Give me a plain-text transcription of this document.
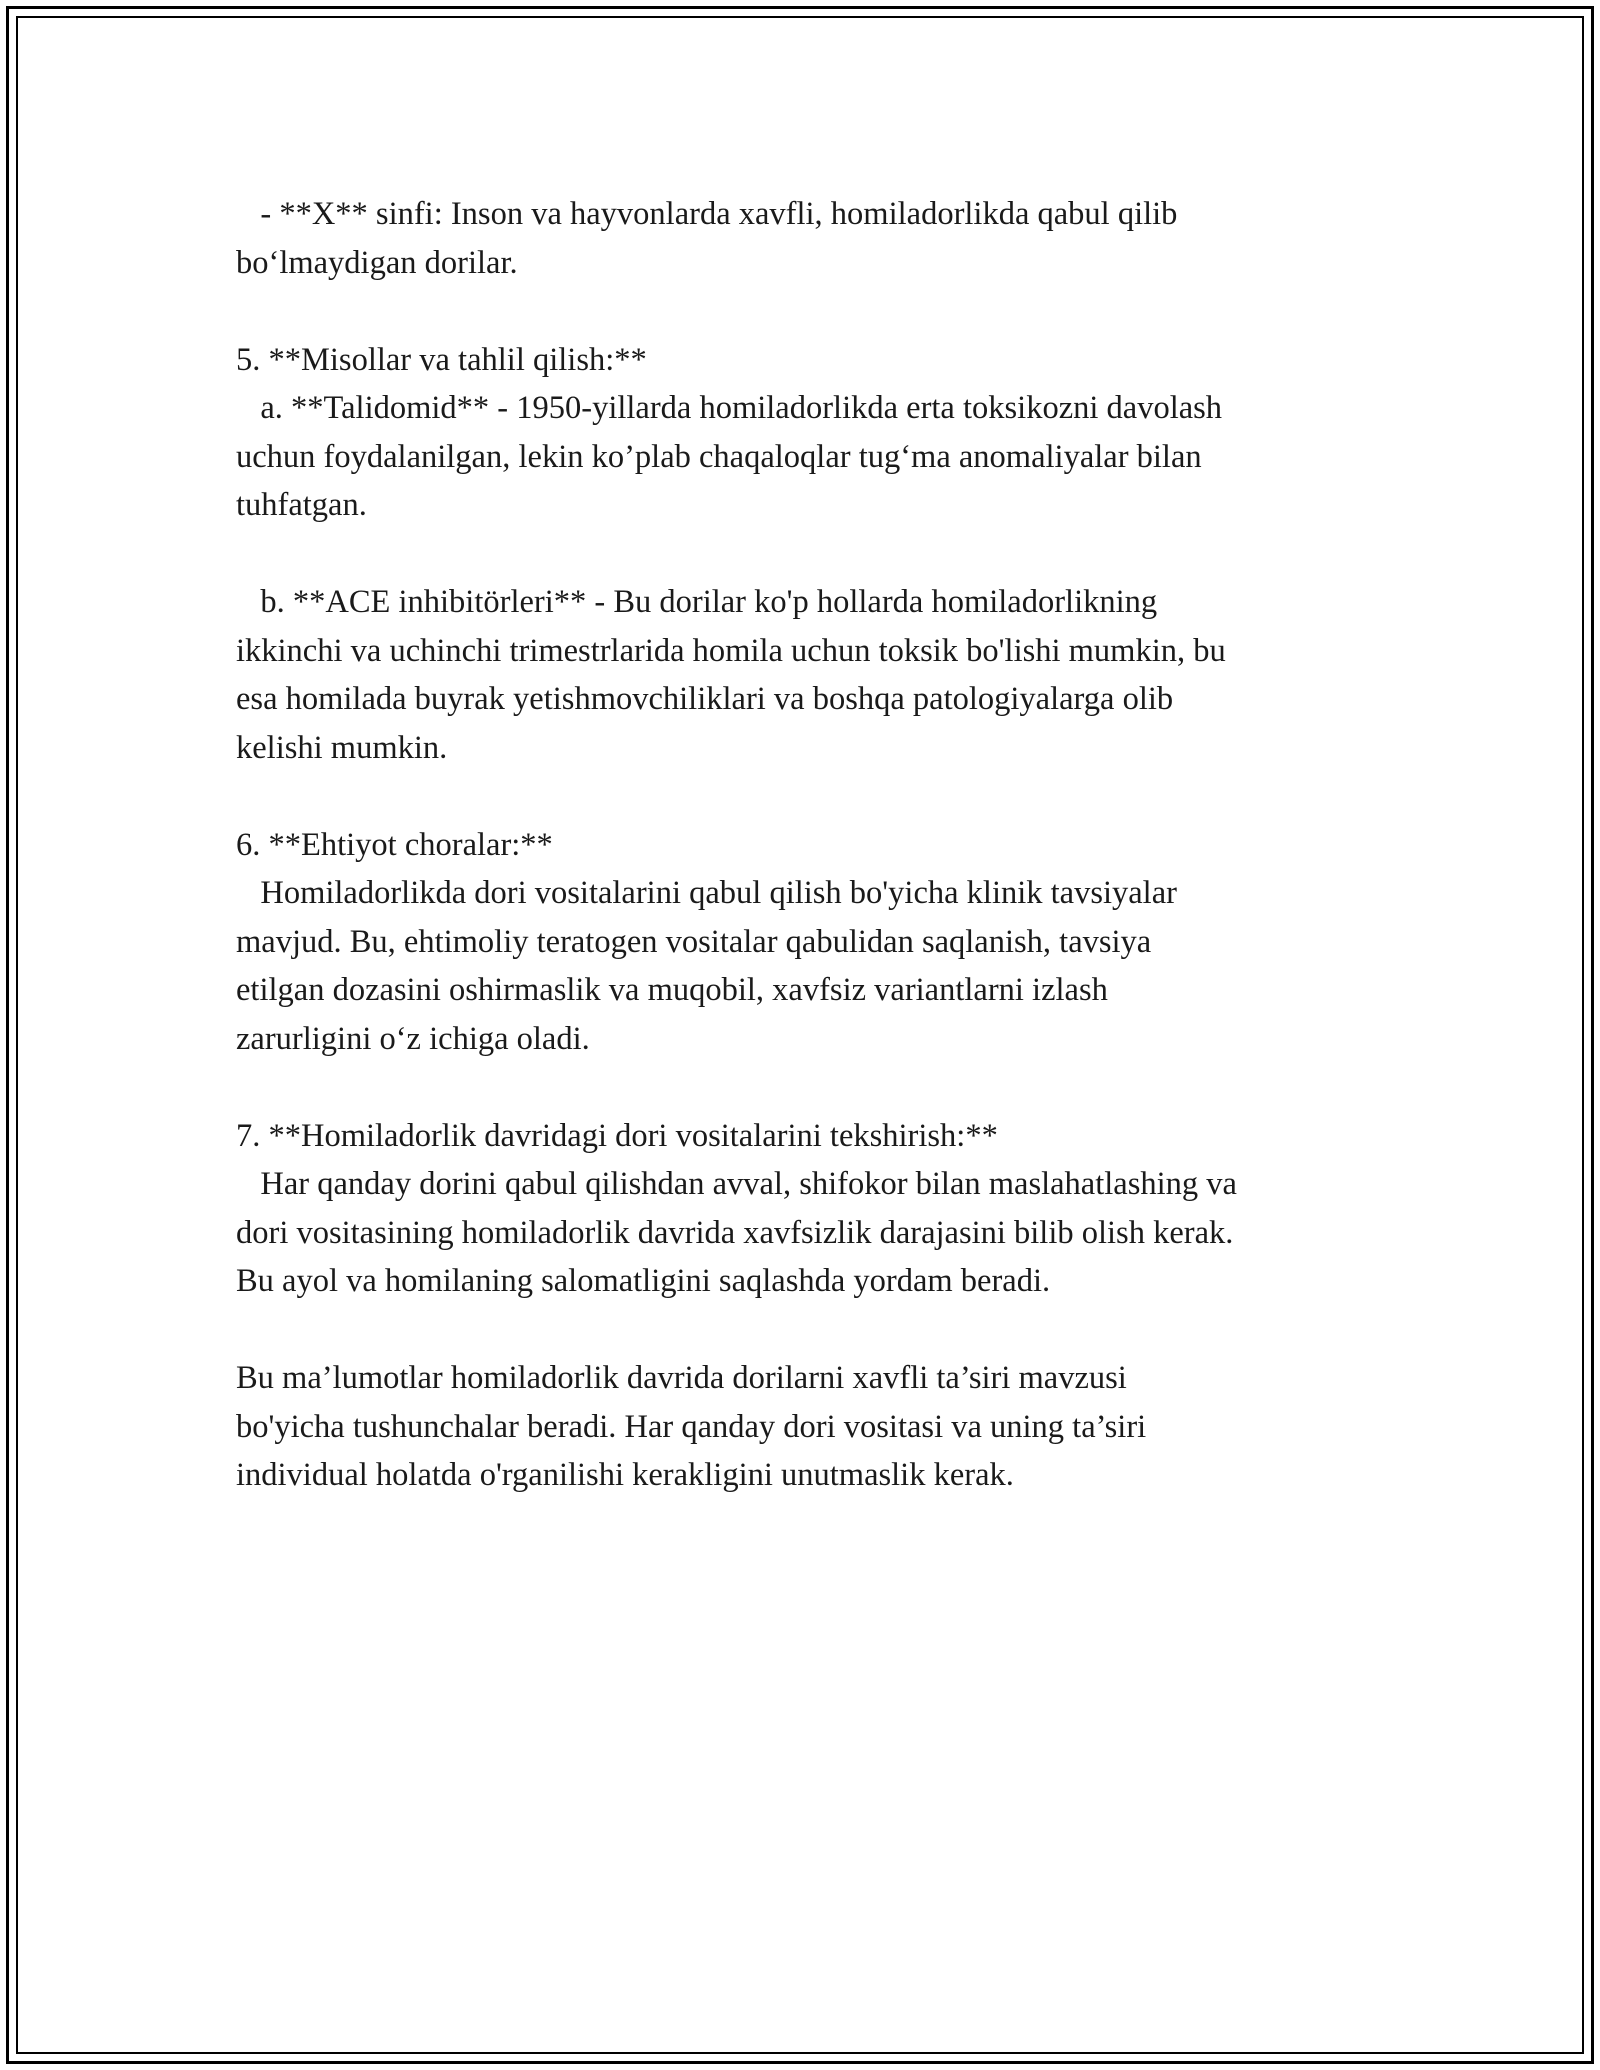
- **X** sinfi: Inson va hayvonlarda xavfli, homiladorlikda qabul qilib
bo‘lmaydigan dorilar.
5. **Misollar va tahlil qilish:**
a. **Talidomid** - 1950-yillarda homiladorlikda erta toksikozni davolash
uchun foydalanilgan, lekin ko’plab chaqaloqlar tug‘ma anomaliyalar bilan
tuhfatgan.
b. **ACE inhibitörleri** - Bu dorilar ko'p hollarda homiladorlikning
ikkinchi va uchinchi trimestrlarida homila uchun toksik bo'lishi mumkin, bu
esa homilada buyrak yetishmovchiliklari va boshqa patologiyalarga olib
kelishi mumkin.
6. **Ehtiyot choralar:**
Homiladorlikda dori vositalarini qabul qilish bo'yicha klinik tavsiyalar
mavjud. Bu, ehtimoliy teratogen vositalar qabulidan saqlanish, tavsiya
etilgan dozasini oshirmaslik va muqobil, xavfsiz variantlarni izlash
zarurligini o‘z ichiga oladi.
7. **Homiladorlik davridagi dori vositalarini tekshirish:**
Har qanday dorini qabul qilishdan avval, shifokor bilan maslahatlashing va
dori vositasining homiladorlik davrida xavfsizlik darajasini bilib olish kerak.
Bu ayol va homilaning salomatligini saqlashda yordam beradi.
Bu ma’lumotlar homiladorlik davrida dorilarni xavfli ta’siri mavzusi
bo'yicha tushunchalar beradi. Har qanday dori vositasi va uning ta’siri
individual holatda o'rganilishi kerakligini unutmaslik kerak.
